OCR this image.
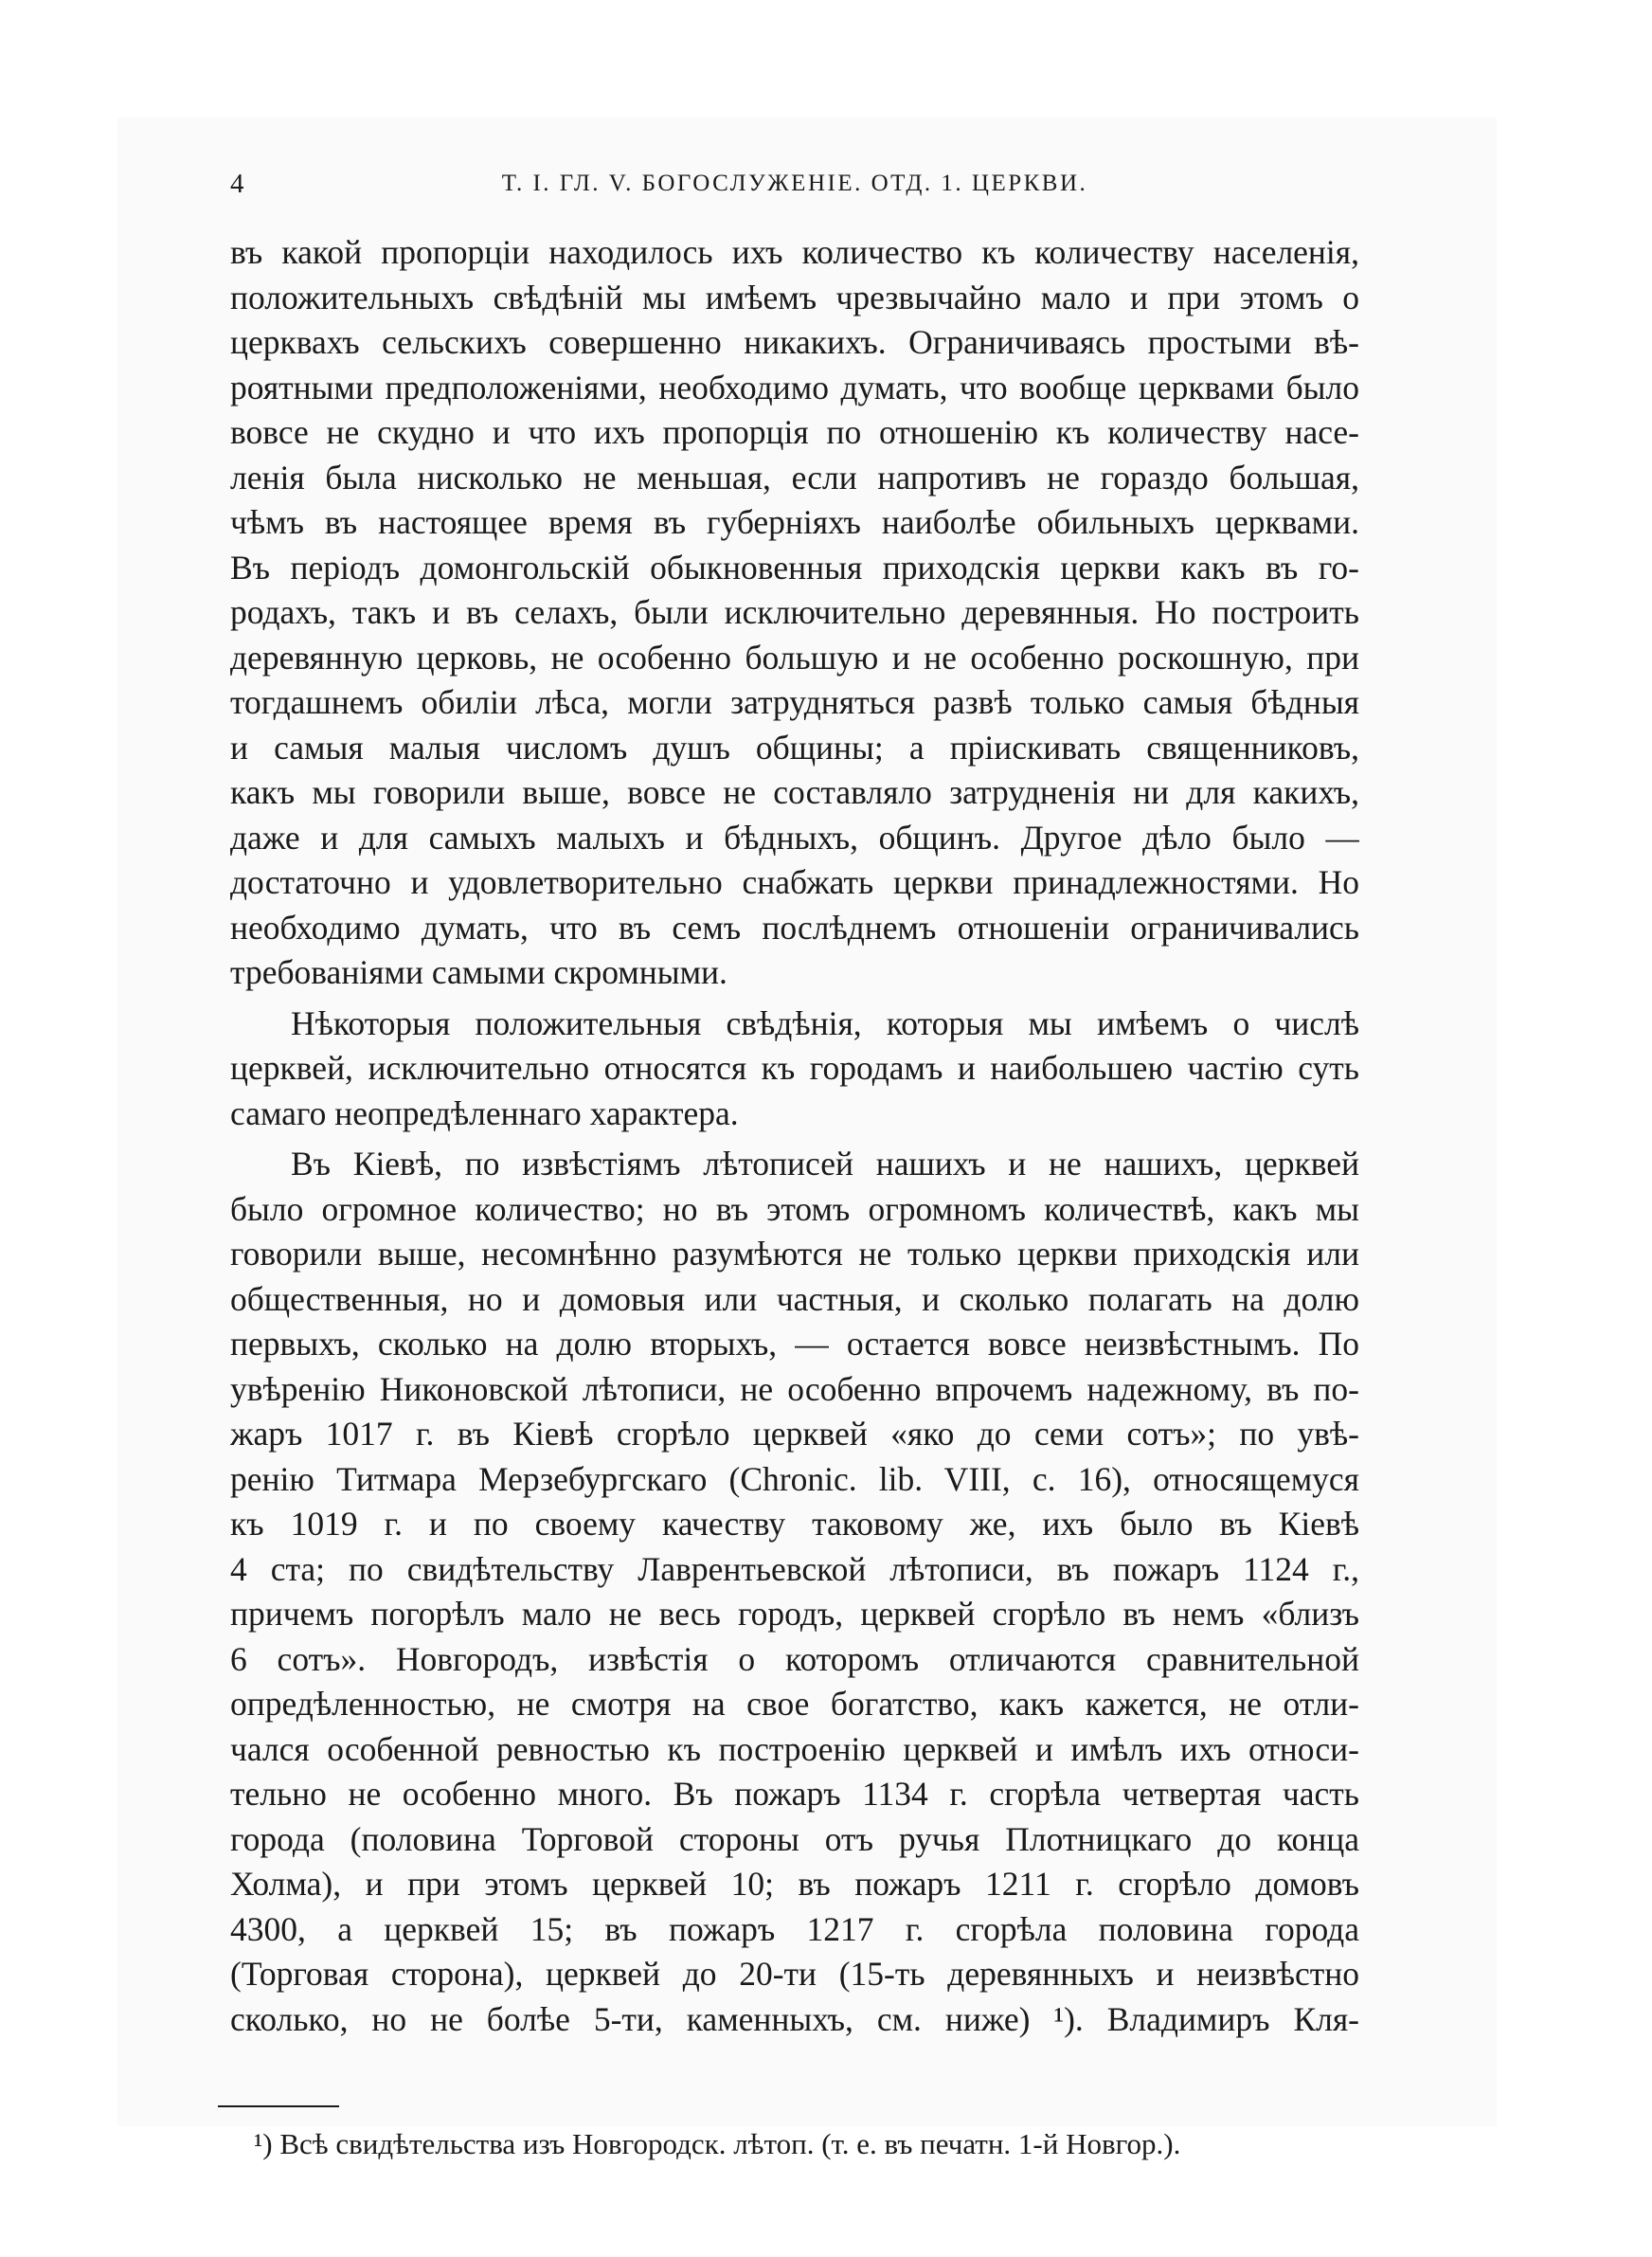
4	Т. I. ГЛ. V. БОГОСЛУЖЕНІЕ. ОТД. 1. ЦЕРКВИ.
въ какой пропорціи находилось ихъ количество къ количеству населенія,
положительныхъ свѣдѣній мы имѣемъ чрезвычайно мало и при этомъ о
церквахъ сельскихъ совершенно никакихъ. Ограничиваясь простыми вѣ-
роятными предположеніями, необходимо думать, что вообще церквами было
вовсе не скудно и что ихъ пропорція по отношенію къ количеству насе-
ленія была нисколько не меньшая, если напротивъ не гораздо большая,
чѣмъ въ настоящее время въ губерніяхъ наиболѣе обильныхъ церквами.
Въ періодъ домонгольскій обыкновенныя приходскія церкви какъ въ го-
родахъ, такъ и въ селахъ, были исключительно деревянныя. Но построить
деревянную церковь, не особенно большую и не особенно роскошную, при
тогдашнемъ обиліи лѣса, могли затрудняться развѣ только самыя бѣдныя
и самыя малыя числомъ душъ общины; а пріискивать священниковъ,
какъ мы говорили выше, вовсе не составляло затрудненія ни для какихъ,
даже и для самыхъ малыхъ и бѣдныхъ, общинъ. Другое дѣло было —
достаточно и удовлетворительно снабжать церкви принадлежностями. Но
необходимо думать, что въ семъ послѣднемъ отношеніи ограничивались
требованіями самыми скромными.
Нѣкоторыя положительныя свѣдѣнія, которыя мы имѣемъ о числѣ
церквей, исключительно относятся къ городамъ и наибольшею частію суть
самаго неопредѣленнаго характера.
Въ Кіевѣ, по извѣстіямъ лѣтописей нашихъ и не нашихъ, церквей
было огромное количество; но въ этомъ огромномъ количествѣ, какъ мы
говорили выше, несомнѣнно разумѣются не только церкви приходскія или
общественныя, но и домовыя или частныя, и сколько полагать на долю
первыхъ, сколько на долю вторыхъ, — остается вовсе неизвѣстнымъ. По
увѣренію Никоновской лѣтописи, не особенно впрочемъ надежному, въ по-
жаръ 1017 г. въ Кіевѣ сгорѣло церквей «яко до семи сотъ»; по увѣ-
ренію Титмара Мерзебургскаго (Chronic. lib. VIII, c. 16), относящемуся
къ 1019 г. и по своему качеству таковому же, ихъ было въ Кіевѣ
4 ста; по свидѣтельству Лаврентьевской лѣтописи, въ пожаръ 1124 г.,
причемъ погорѣлъ мало не весь городъ, церквей сгорѣло въ немъ «близъ
6 сотъ». Новгородъ, извѣстія о которомъ отличаются сравнительной
опредѣленностью, не смотря на свое богатство, какъ кажется, не отли-
чался особенной ревностью къ построенію церквей и имѣлъ ихъ относи-
тельно не особенно много. Въ пожаръ 1134 г. сгорѣла четвертая часть
города (половина Торговой стороны отъ ручья Плотницкаго до конца
Холма), и при этомъ церквей 10; въ пожаръ 1211 г. сгорѣло домовъ
4300, а церквей 15; въ пожаръ 1217 г. сгорѣла половина города
(Торговая сторона), церквей до 20-ти (15-ть деревянныхъ и неизвѣстно
сколько, но не болѣе 5-ти, каменныхъ, см. ниже) ¹). Владимиръ Кля-
¹) Всѣ свидѣтельства изъ Новгородск. лѣтоп. (т. е. въ печатн. 1-й Новгор.).
